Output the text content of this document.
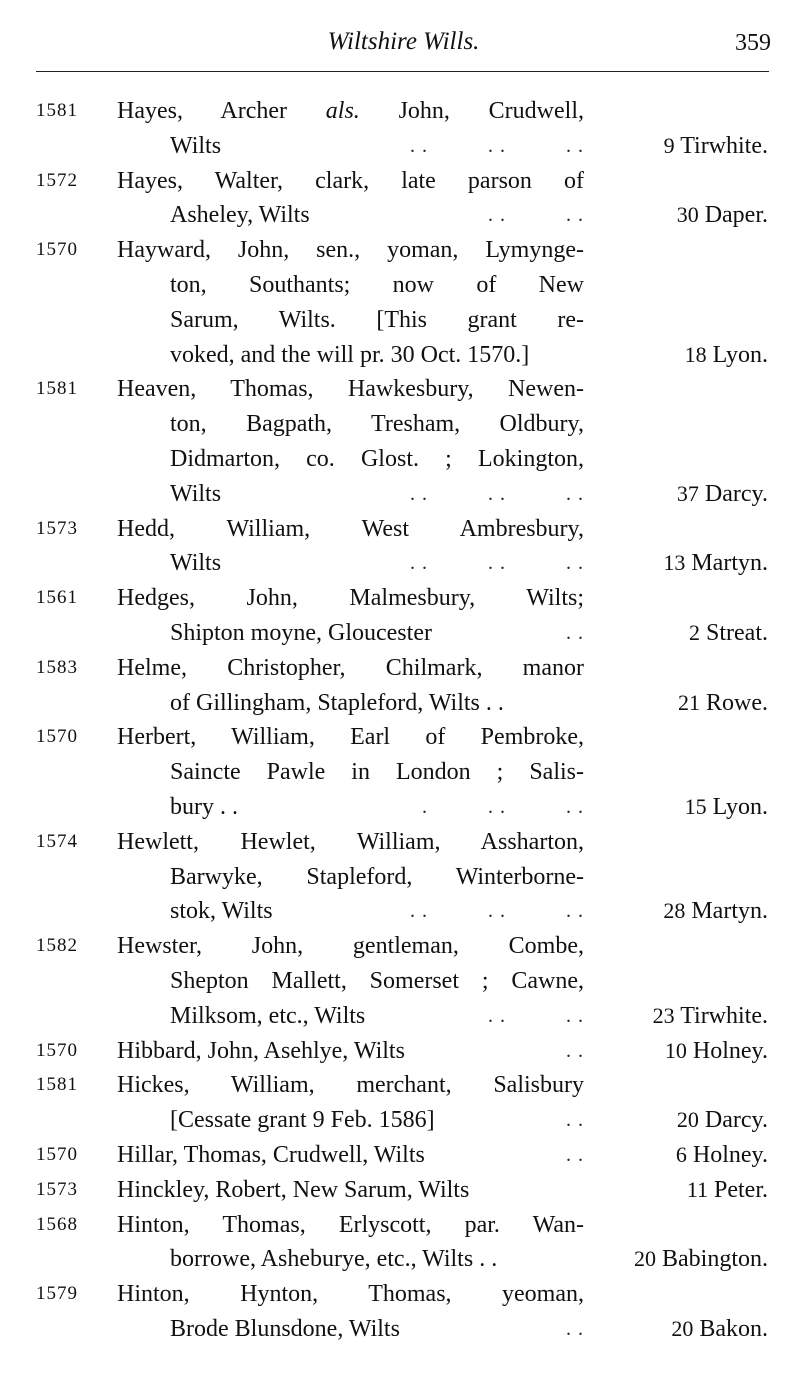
Wiltshire Wills.	359
1581 Hayes, Archer als. John, Crudwell,
Wilts	. .          . .          . .	9 Tirwhite.
1572 Hayes, Walter, clark, late parson of
Asheley, Wilts	. .          . .	30 Daper.
1570 Hayward, John, sen., yoman, Lymynge-
ton, Southants; now of New
Sarum, Wilts. [This grant re-
voked, and the will pr. 30 Oct. 1570.]	18 Lyon.
1581 Heaven, Thomas, Hawkesbury, Newen-
ton, Bagpath, Tresham, Oldbury,
Didmarton, co. Glost. ; Lokington,
Wilts	. .          . .          . .	37 Darcy.
1573 Hedd, William, West Ambresbury,
Wilts	. .          . .          . .	13 Martyn.
1561 Hedges, John, Malmesbury, Wilts;
Shipton moyne, Gloucester	. .	2 Streat.
1583 Helme, Christopher, Chilmark, manor
of Gillingham, Stapleford, Wilts . .	21 Rowe.
1570 Herbert, William, Earl of Pembroke,
Saincte Pawle in London ; Salis-
bury . .	.          . .          . .	15 Lyon.
1574 Hewlett, Hewlet, William, Assharton,
Barwyke, Stapleford, Winterborne-
stok, Wilts	. .          . .          . .	28 Martyn.
1582 Hewster, John, gentleman, Combe,
Shepton Mallett, Somerset ; Cawne,
Milksom, etc., Wilts	. .          . .	23 Tirwhite.
1570 Hibbard, John, Asehlye, Wilts	. .	10 Holney.
1581 Hickes, William, merchant, Salisbury
[Cessate grant 9 Feb. 1586]	. .	20 Darcy.
1570 Hillar, Thomas, Crudwell, Wilts	. .	6 Holney.
1573 Hinckley, Robert, New Sarum, Wilts	11 Peter.
1568 Hinton, Thomas, Erlyscott, par. Wan-
borrowe, Asheburye, etc., Wilts . .	20 Babington.
1579 Hinton, Hynton, Thomas, yeoman,
Brode Blunsdone, Wilts	. .	20 Bakon.
